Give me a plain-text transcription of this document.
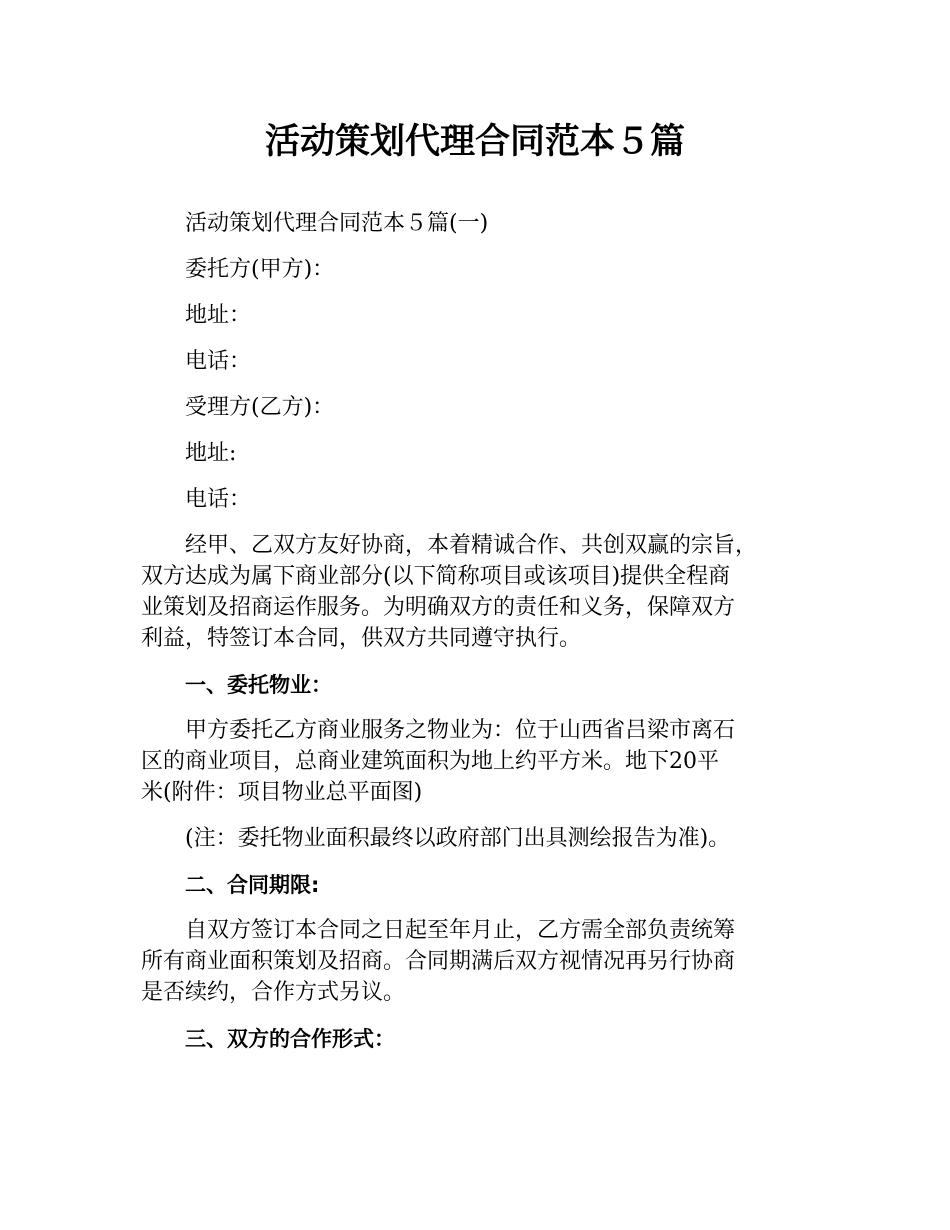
活动策划代理合同范本５篇

活动策划代理合同范本５篇(一)

委托方(甲方)：

地址：

电话：

受理方(乙方)：

地址:

电话：

经甲、乙双方友好协商，本着精诚合作、共创双赢的宗旨，
双方达成为属下商业部分(以下简称项目或该项目)提供全程商
业策划及招商运作服务。为明确双方的责任和义务，保障双方
利益，特签订本合同，供双方共同遵守执行。

一、委托物业：

甲方委托乙方商业服务之物业为：位于山西省吕梁市离石
区的商业项目，总商业建筑面积为地上约平方米。地下20平
米(附件：项目物业总平面图)

(注：委托物业面积最终以政府部门出具测绘报告为准)。

二、合同期限:

自双方签订本合同之日起至年月止，乙方需全部负责统筹
所有商业面积策划及招商。合同期满后双方视情况再另行协商
是否续约，合作方式另议。

三、双方的合作形式：
